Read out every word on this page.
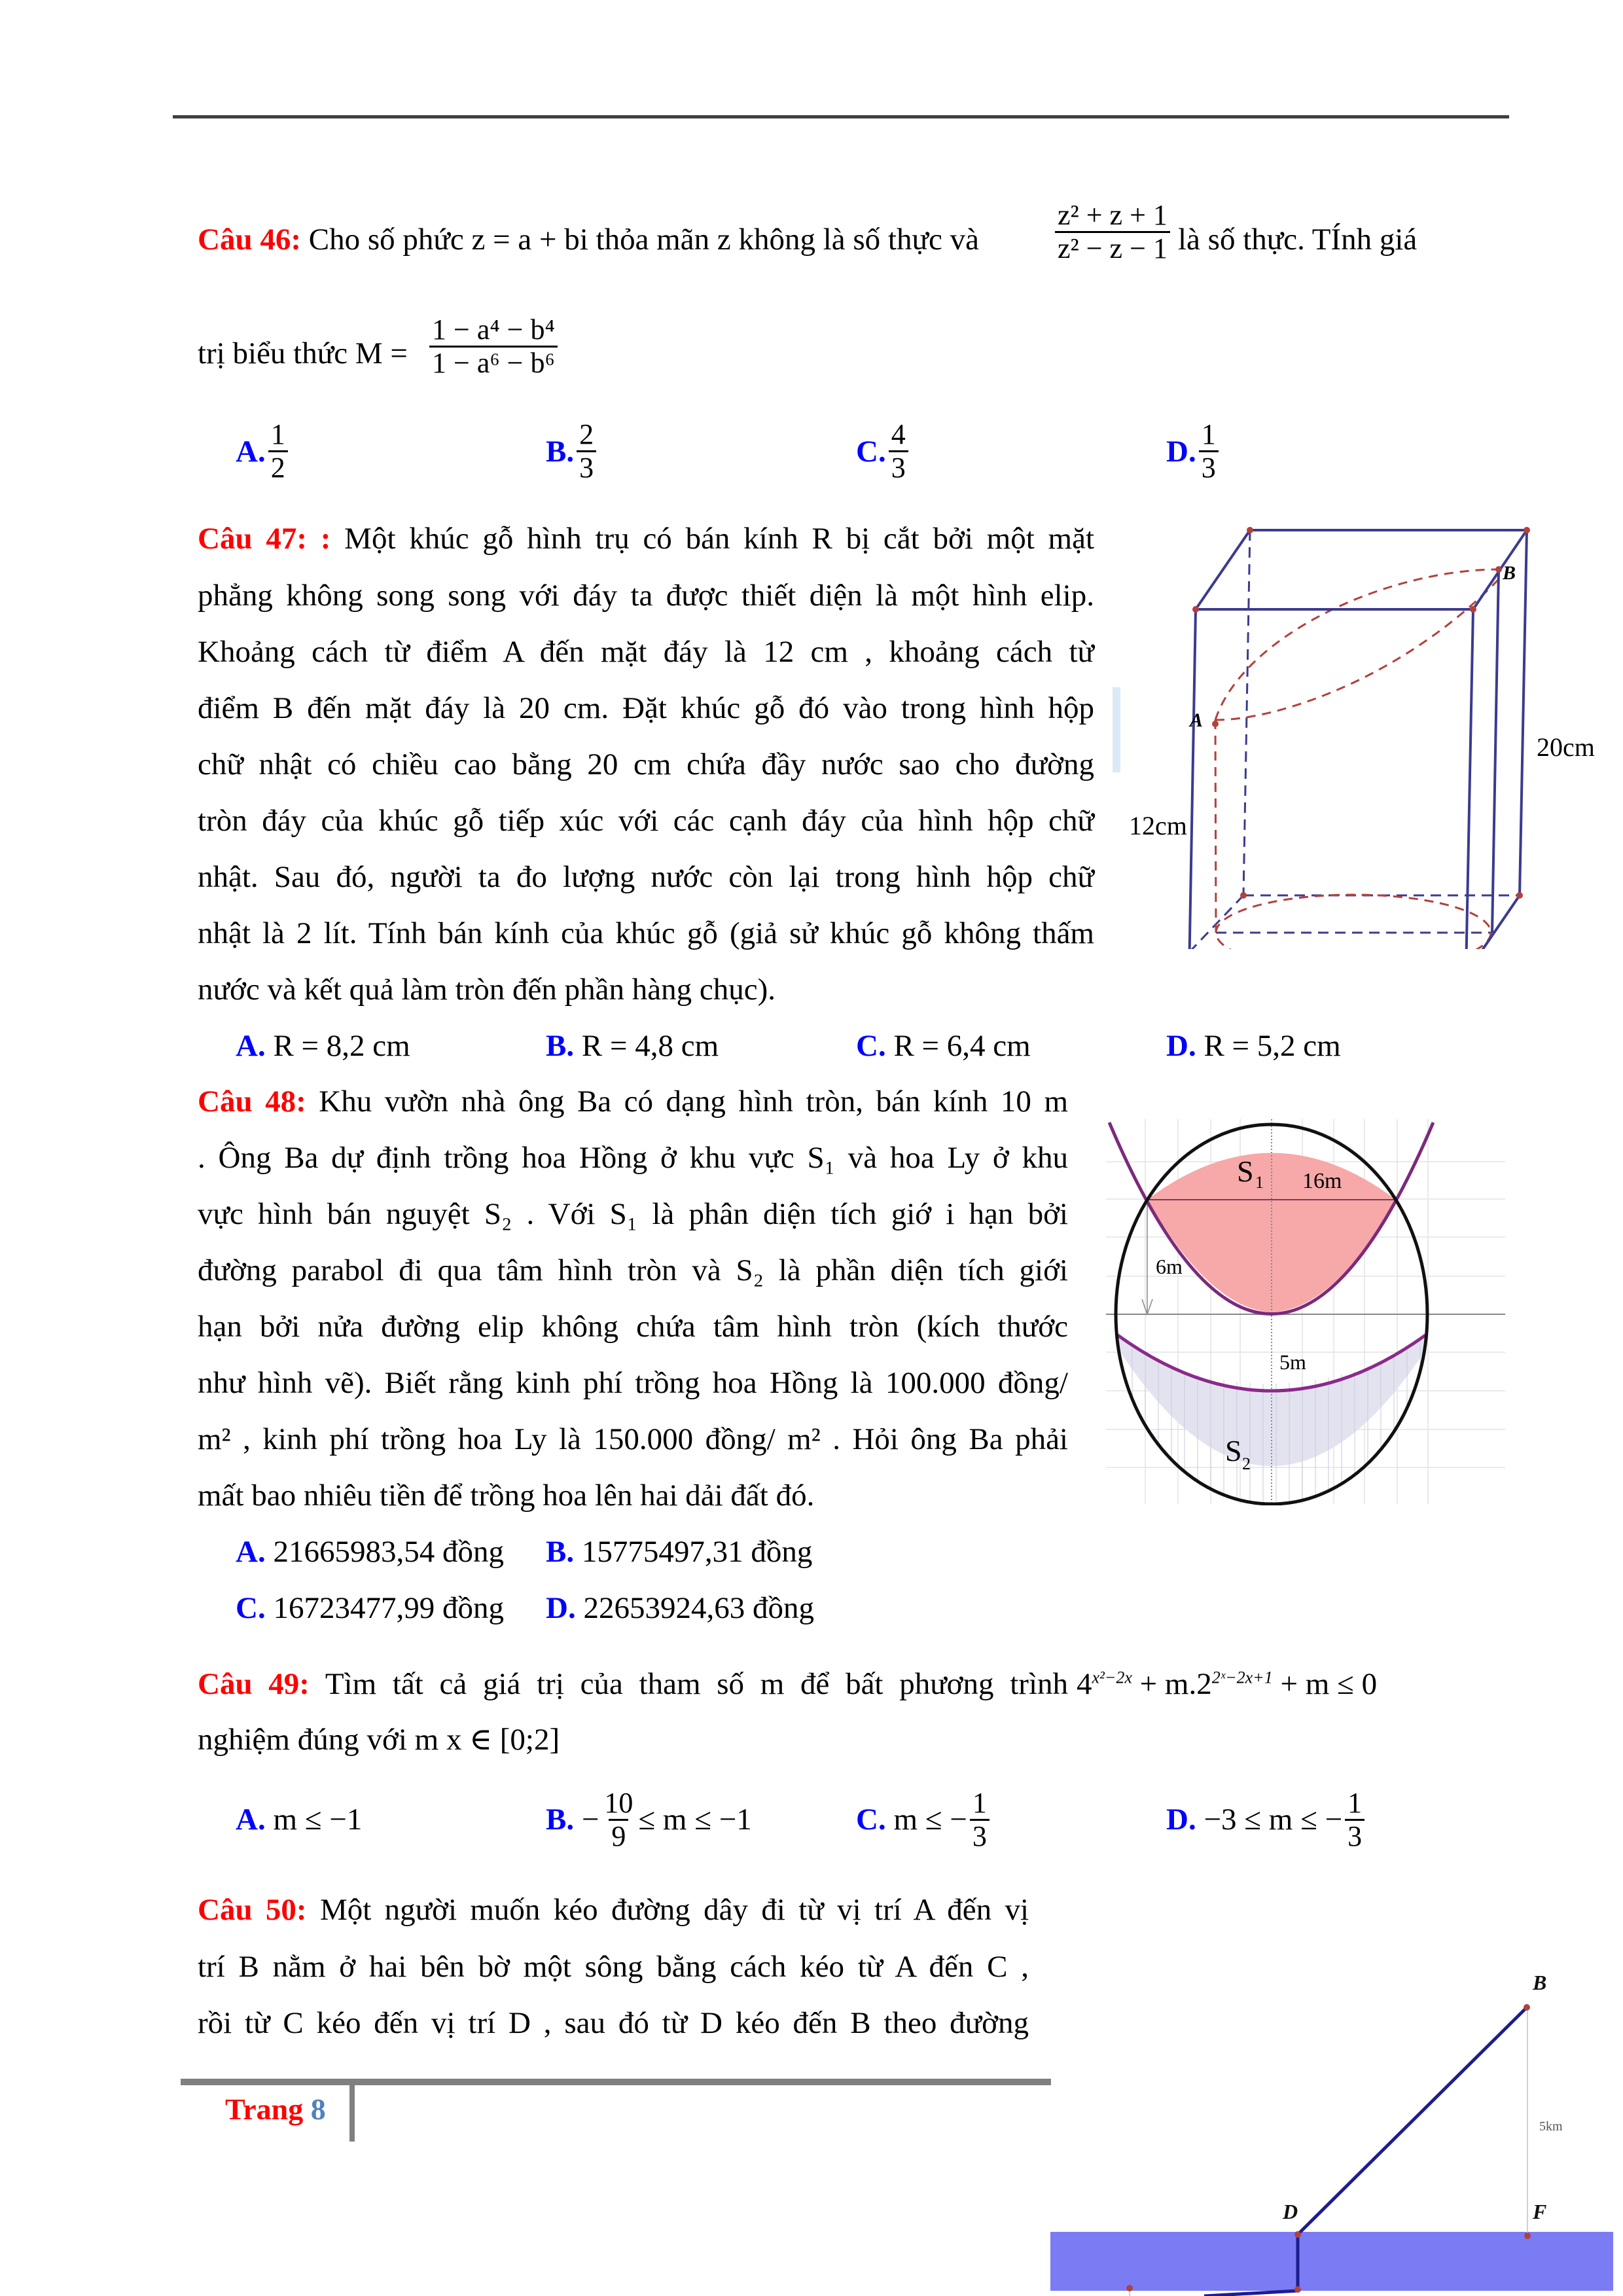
Câu 46: Cho số phức z = a + bi thỏa mãn z không là số thực và	$\frac{\text{z² + z + 1}}{\text{z² − z − 1}}$ là số thực. TÍnh giá
trị biểu thức $M = \frac{\text{1 − a⁴ − b⁴}}{\text{1 − a⁶ − b⁶}}$
A. $\frac{1}{2}$	B. $\frac{2}{3}$	C. $\frac{4}{3}$	D. $\frac{1}{3}$
Câu 47: : Một khúc gỗ hình trụ có bán kính R bị cắt bởi một mặt
phẳng không song song với đáy ta được thiết diện là một hình elip.
Khoảng cách từ điểm A đến mặt đáy là 12 cm , khoảng cách từ
điểm B đến mặt đáy là 20 cm. Đặt khúc gỗ đó vào trong hình hộp
chữ nhật có chiều cao bằng 20 cm chứa đầy nước sao cho đường
tròn đáy của khúc gỗ tiếp xúc với các cạnh đáy của hình hộp chữ
nhật. Sau đó, người ta đo lượng nước còn lại trong hình hộp chữ
nhật là 2 lít. Tính bán kính của khúc gỗ (giả sử khúc gỗ không thấm
nước và kết quả làm tròn đến phần hàng chục).
A. R = 8,2 cm	B. R = 4,8 cm	C. R = 6,4 cm	D. R = 5,2 cm
B
A
12cm
20cm
Câu 48: Khu vườn nhà ông Ba có dạng hình tròn, bán kính 10 m
. Ông Ba dự định trồng hoa Hồng ở khu vực S₁ và hoa Ly ở khu
vực hình bán nguyệt S₂ . Với S₁ là phân diện tích giớ i hạn bởi
đường parabol đi qua tâm hình tròn và S₂ là phần diện tích giới
hạn bởi nửa đường elip không chứa tâm hình tròn (kích thước
như hình vẽ). Biết rằng kinh phí trồng hoa Hồng là 100.000 đồng/
m² , kinh phí trồng hoa Ly là 150.000 đồng/ m² . Hỏi ông Ba phải
mất bao nhiêu tiền để trồng hoa lên hai dải đất đó.
A. 21665983,54 đồng B. 15775497,31 đồng
C. 16723477,99 đồng D. 22653924,63 đồng
S 1 16m
6m
5m
S 2
Câu 49: Tìm tất cả giá trị của tham số m để bất phương trình $4^{x^2-2x} + m.2^{2ˣ-2x+1} + m \le 0$
nghiệm đúng với m x ∈ [0;2]
A.
m ≤ −1	B.
− $\frac{10}{9} \le m \le -1$	C.
m ≤ − $\frac{1}{3}$	D.
−3 ≤ m ≤ − $\frac{1}{3}$
Câu 50: Một người muốn kéo đường dây đi từ vị trí A đến vị
trí B nằm ở hai bên bờ một sông bằng cách kéo từ A đến C ,
rồi từ C kéo đến vị trí D , sau đó từ D kéo đến B theo đường
B
D	F
5km
Trang 8
